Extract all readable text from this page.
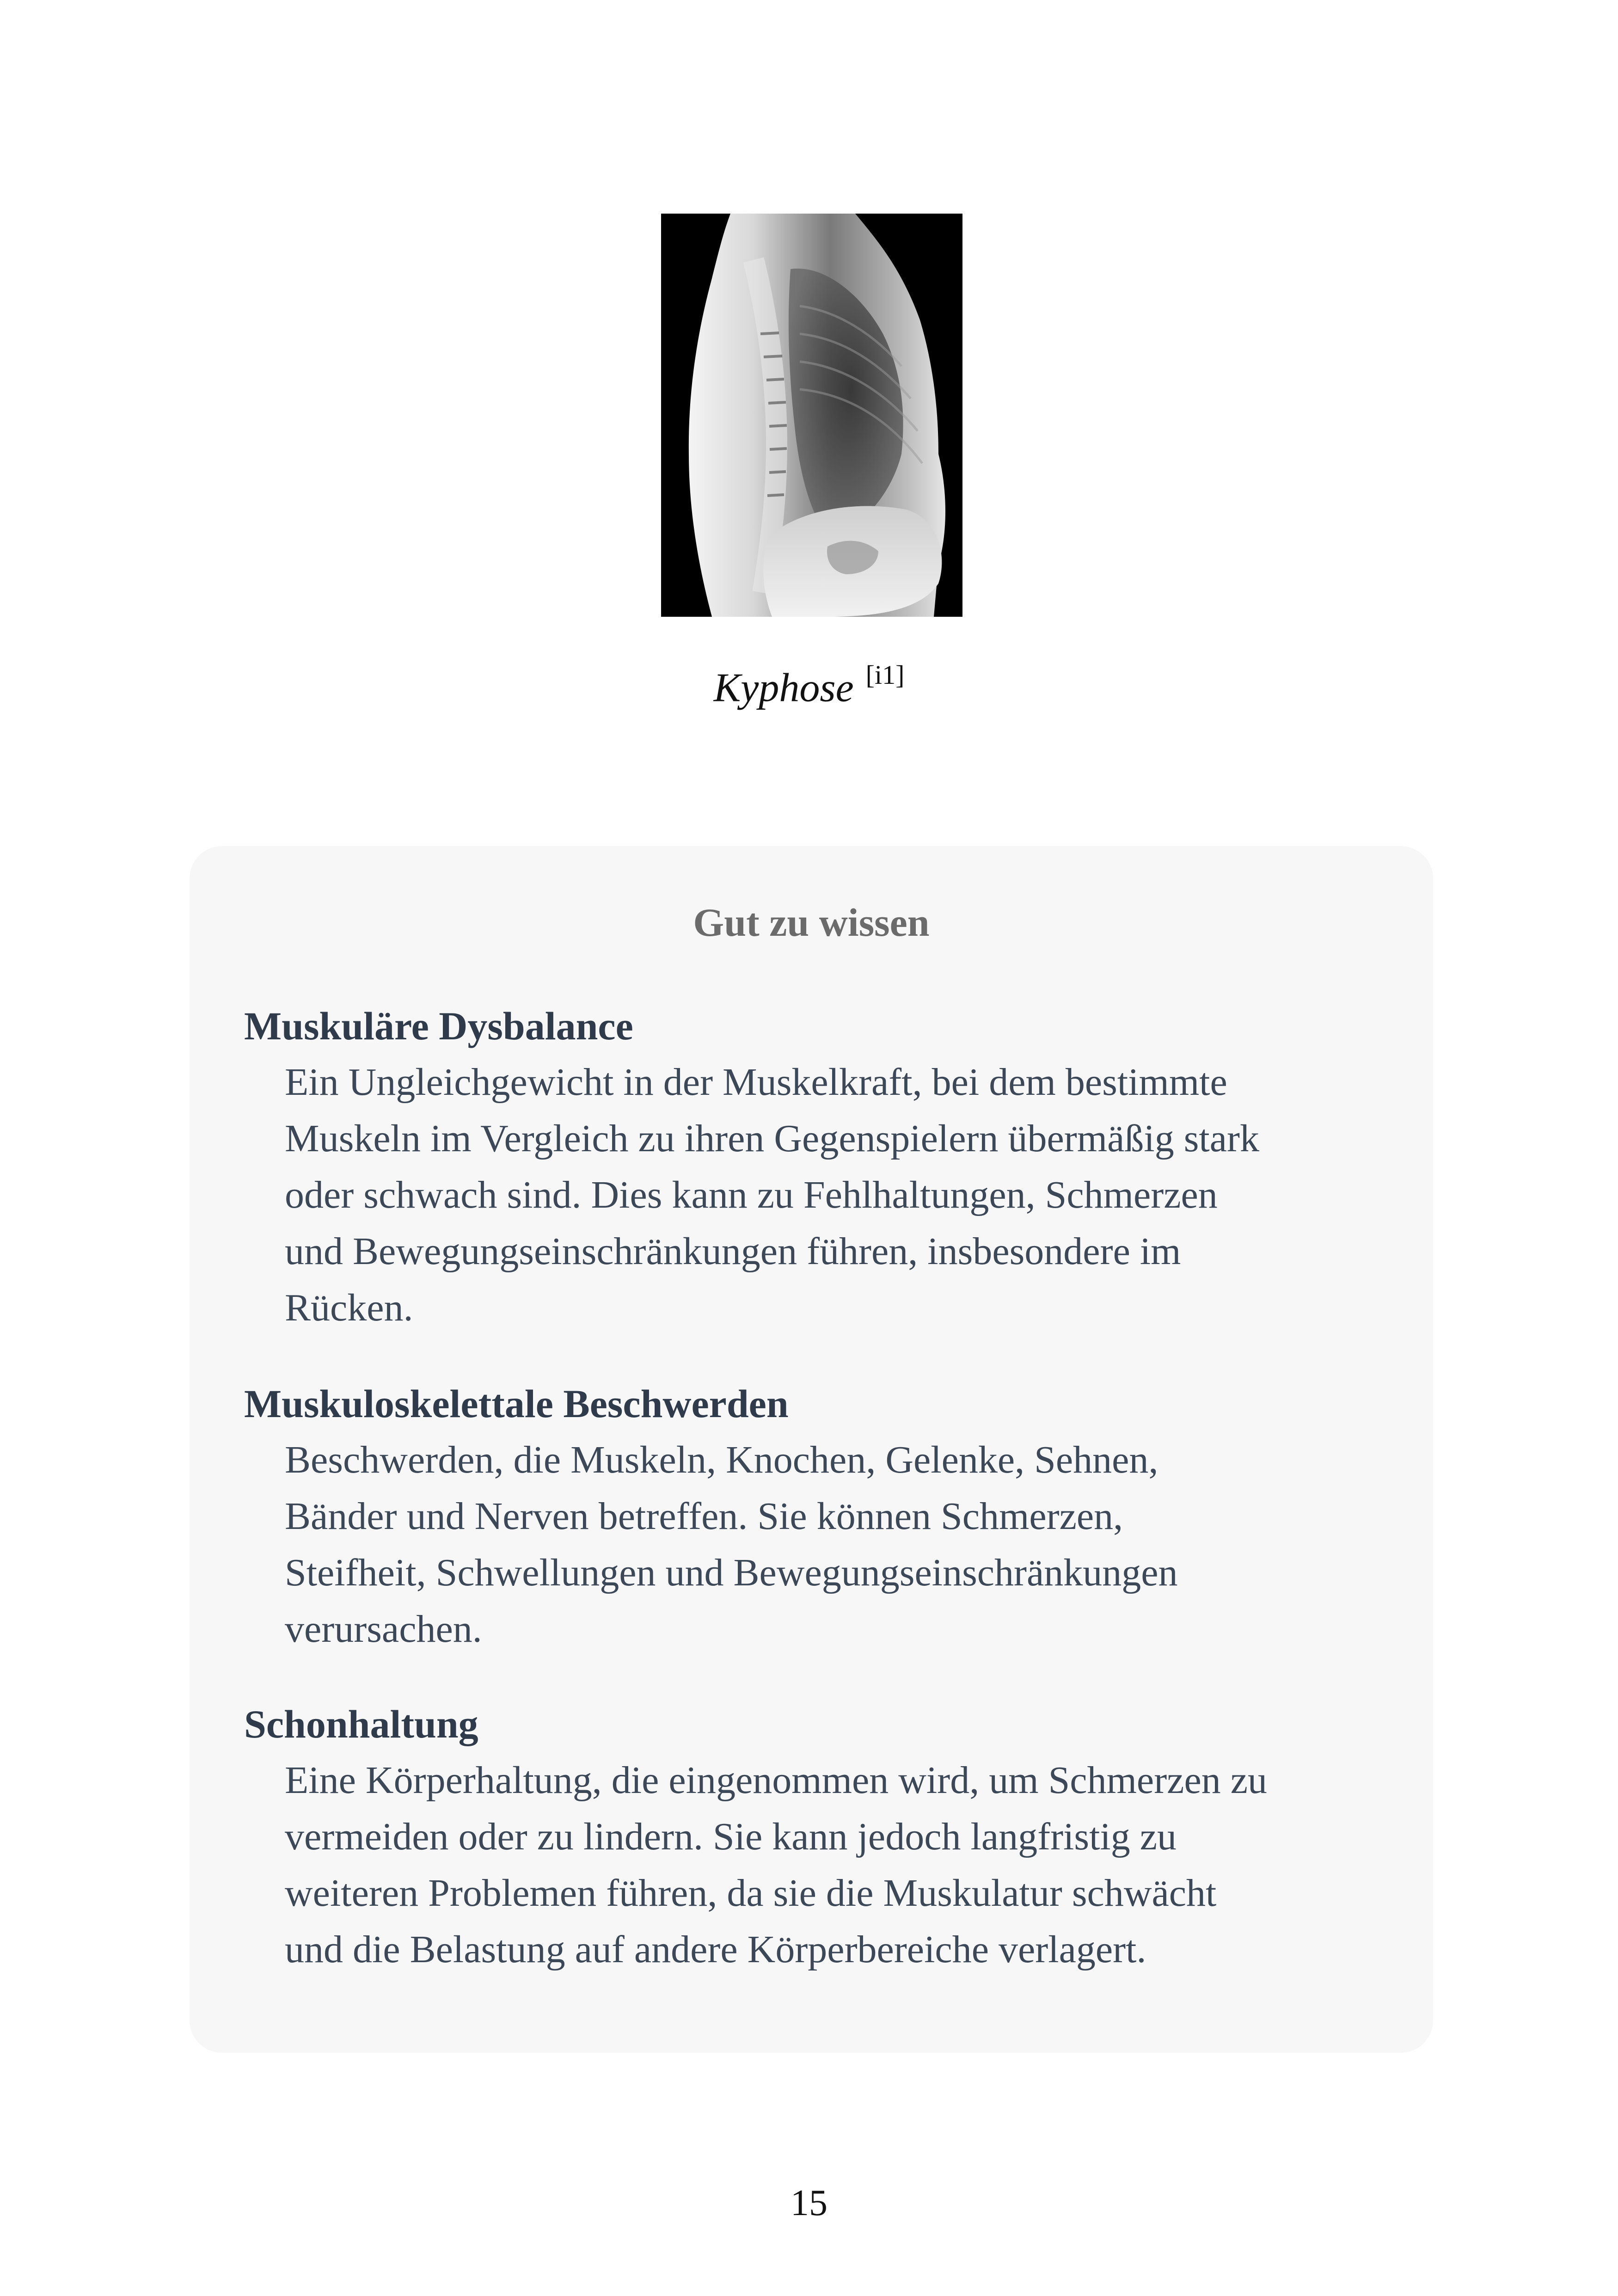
Kyphose [i1]
Gut zu wissen

Muskuläre Dysbalance

Ein Ungleichgewicht in der Muskelkraft, bei dem bestimmte
Muskeln im Vergleich zu ihren Gegenspielern übermäßig stark
oder schwach sind. Dies kann zu Fehlhaltungen, Schmerzen
und Bewegungseinschränkungen führen, insbesondere im
Rücken.

Muskuloskelettale Beschwerden

Beschwerden, die Muskeln, Knochen, Gelenke, Sehnen,
Bänder und Nerven betreffen. Sie können Schmerzen,
Steifheit, Schwellungen und Bewegungseinschränkungen
verursachen.

Schonhaltung

Eine Körperhaltung, die eingenommen wird, um Schmerzen zu
vermeiden oder zu lindern. Sie kann jedoch langfristig zu
weiteren Problemen führen, da sie die Muskulatur schwächt
und die Belastung auf andere Körperbereiche verlagert.

15
